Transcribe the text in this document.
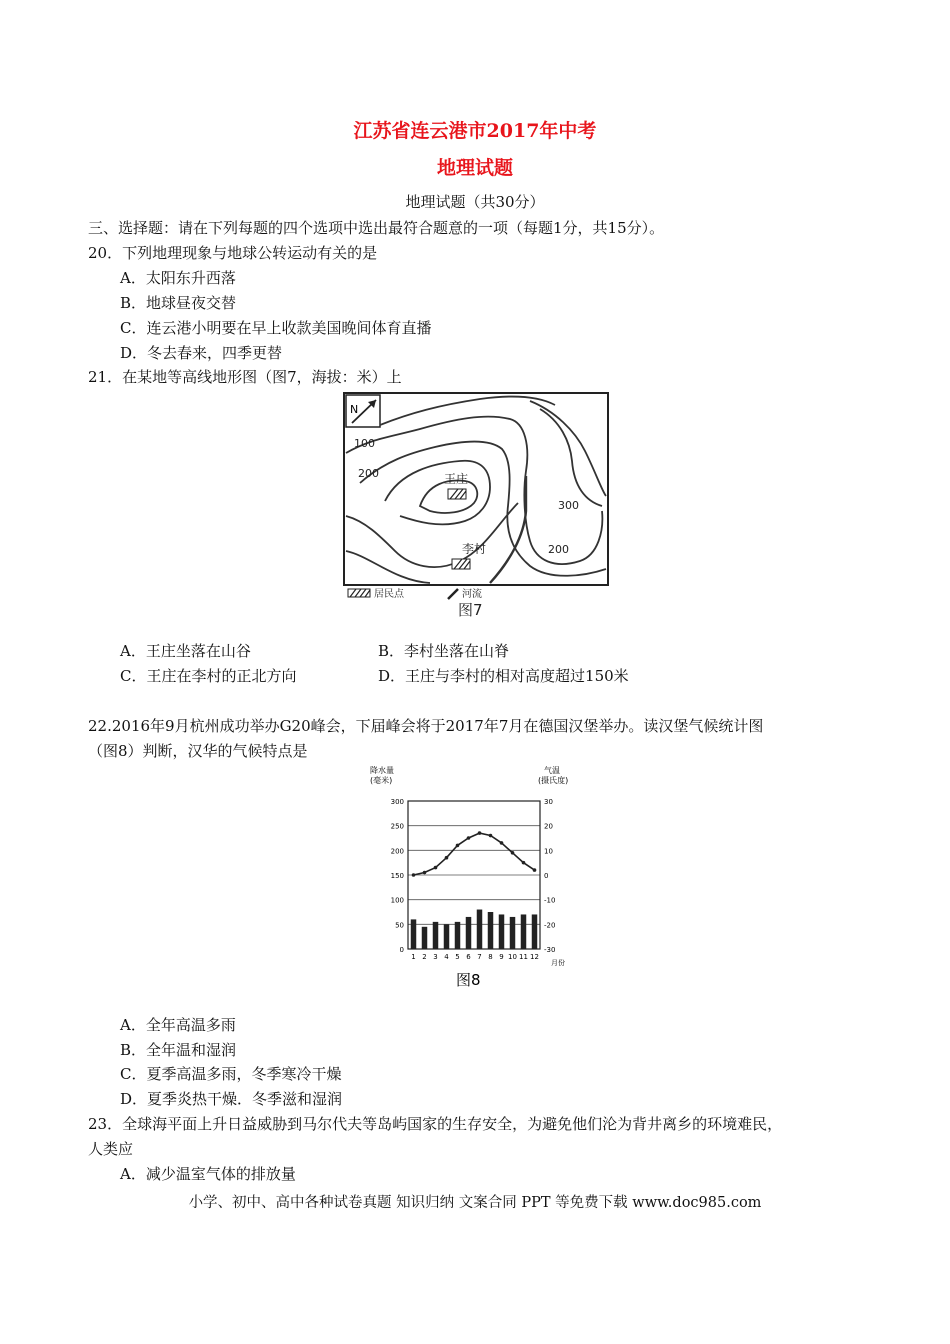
江苏省连云港市2017年中考
地理试题
地理试题（共30分）
三、选择题：请在下列每题的四个选项中选出最符合题意的一项（每题1分，共15分）。
20．下列地理现象与地球公转运动有关的是
A．太阳东升西落
B．地球昼夜交替
C．连云港小明要在早上收款美国晚间体育直播
D．冬去春来，四季更替
21．在某地等高线地形图（图7，海拔：米）上
N
100
200
300
200
王庄
李村
居民点	河流
图7
A．王庄坐落在山谷	B．李村坐落在山脊
C．王庄在李村的正北方向	D．王庄与李村的相对高度超过150米
22.2016年9月杭州成功举办G20峰会，下届峰会将于2017年7月在德国汉堡举办。读汉堡气候统计图
（图8）判断，汉华的气候特点是
降水量
(毫米)
气温
(摄氏度)
300
250
200
150
100
50
0
30
20
10
0
-10
-20
-30
1 2 3 4 5 6 7 8 9 10 11 12
月份
图8
A．全年高温多雨
B．全年温和湿润
C．夏季高温多雨，冬季寒冷干燥
D．夏季炎热干燥．冬季滋和湿润
23．全球海平面上升日益威胁到马尔代夫等岛屿国家的生存安全，为避免他们沦为背井离乡的环境难民，
人类应
A．减少温室气体的排放量
小学、初中、高中各种试卷真题 知识归纳 文案合同 PPT 等免费下载 www.doc985.com
